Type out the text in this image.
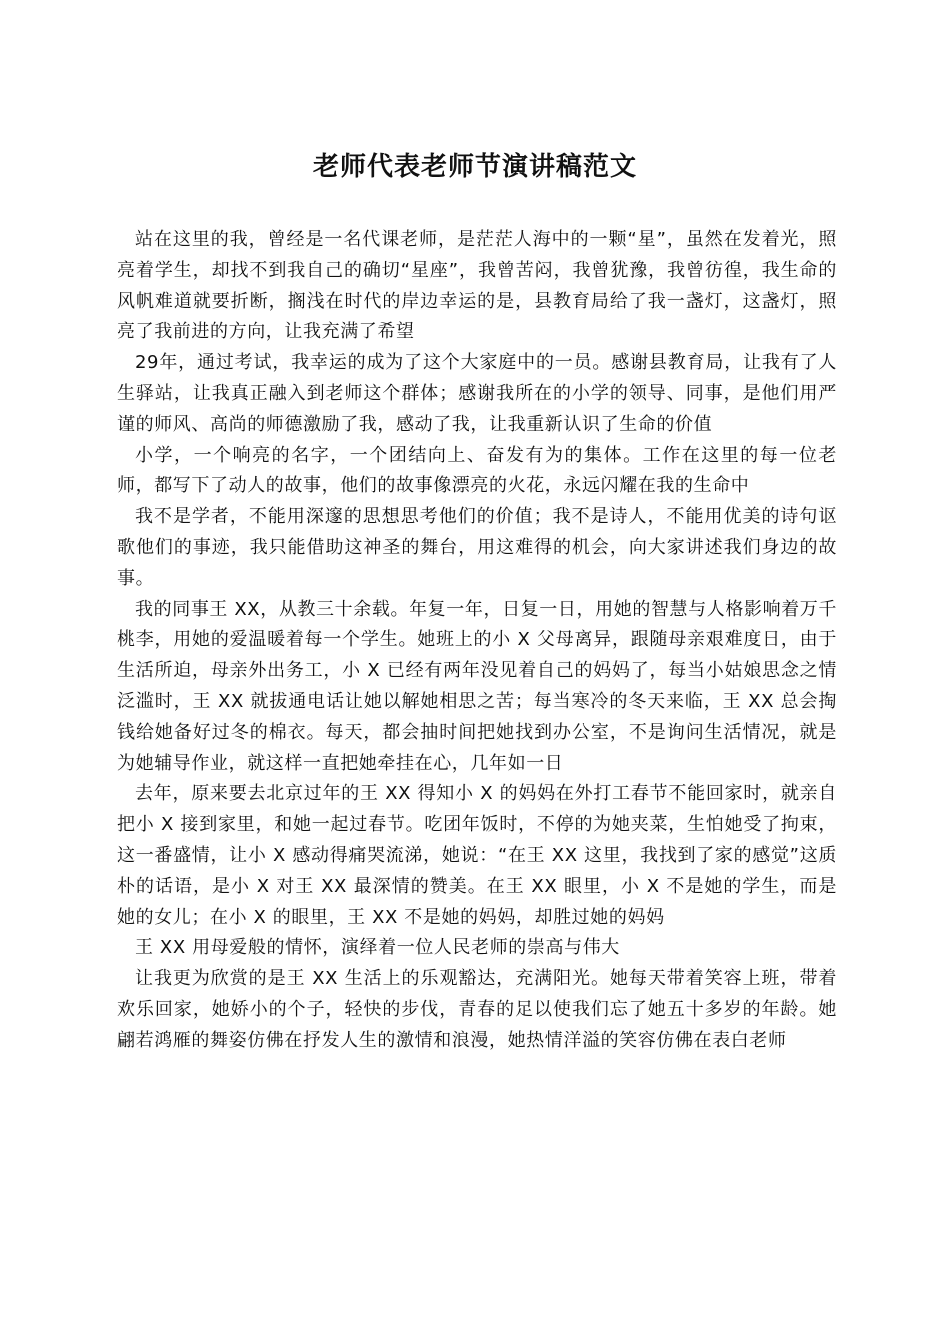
老师代表老师节演讲稿范文

站在这里的我，曾经是一名代课老师，是茫茫人海中的一颗“星”，虽然在发着光，照亮着学生，却找不到我自己的确切“星座”，我曾苦闷，我曾犹豫，我曾彷徨，我生命的风帆难道就要折断，搁浅在时代的岸边幸运的是，县教育局给了我一盏灯，这盏灯，照亮了我前进的方向，让我充满了希望

29年，通过考试，我幸运的成为了这个大家庭中的一员。感谢县教育局，让我有了人生驿站，让我真正融入到老师这个群体；感谢我所在的小学的领导、同事，是他们用严谨的师风、高尚的师德激励了我，感动了我，让我重新认识了生命的价值

小学，一个响亮的名字，一个团结向上、奋发有为的集体。工作在这里的每一位老师，都写下了动人的故事，他们的故事像漂亮的火花，永远闪耀在我的生命中

我不是学者，不能用深邃的思想思考他们的价值；我不是诗人，不能用优美的诗句讴歌他们的事迹，我只能借助这神圣的舞台，用这难得的机会，向大家讲述我们身边的故事。

我的同事王 XX，从教三十余载。年复一年，日复一日，用她的智慧与人格影响着万千桃李，用她的爱温暖着每一个学生。她班上的小 X 父母离异，跟随母亲艰难度日，由于生活所迫，母亲外出务工，小 X 已经有两年没见着自己的妈妈了，每当小姑娘思念之情泛滥时，王 XX 就拔通电话让她以解她相思之苦；每当寒冷的冬天来临，王 XX 总会掏钱给她备好过冬的棉衣。每天，都会抽时间把她找到办公室，不是询问生活情况，就是为她辅导作业，就这样一直把她牵挂在心，几年如一日

去年，原来要去北京过年的王 XX 得知小 X 的妈妈在外打工春节不能回家时，就亲自把小 X 接到家里，和她一起过春节。吃团年饭时，不停的为她夹菜，生怕她受了拘束，这一番盛情，让小 X 感动得痛哭流涕，她说：“在王 XX 这里，我找到了家的感觉”这质朴的话语，是小 X 对王 XX 最深情的赞美。在王 XX 眼里，小 X 不是她的学生，而是她的女儿；在小 X 的眼里，王 XX 不是她的妈妈，却胜过她的妈妈

王 XX 用母爱般的情怀，演绎着一位人民老师的崇高与伟大

让我更为欣赏的是王 XX 生活上的乐观豁达，充满阳光。她每天带着笑容上班，带着欢乐回家，她娇小的个子，轻快的步伐，青春的足以使我们忘了她五十多岁的年龄。她翩若鸿雁的舞姿仿佛在抒发人生的激情和浪漫，她热情洋溢的笑容仿佛在表白老师
